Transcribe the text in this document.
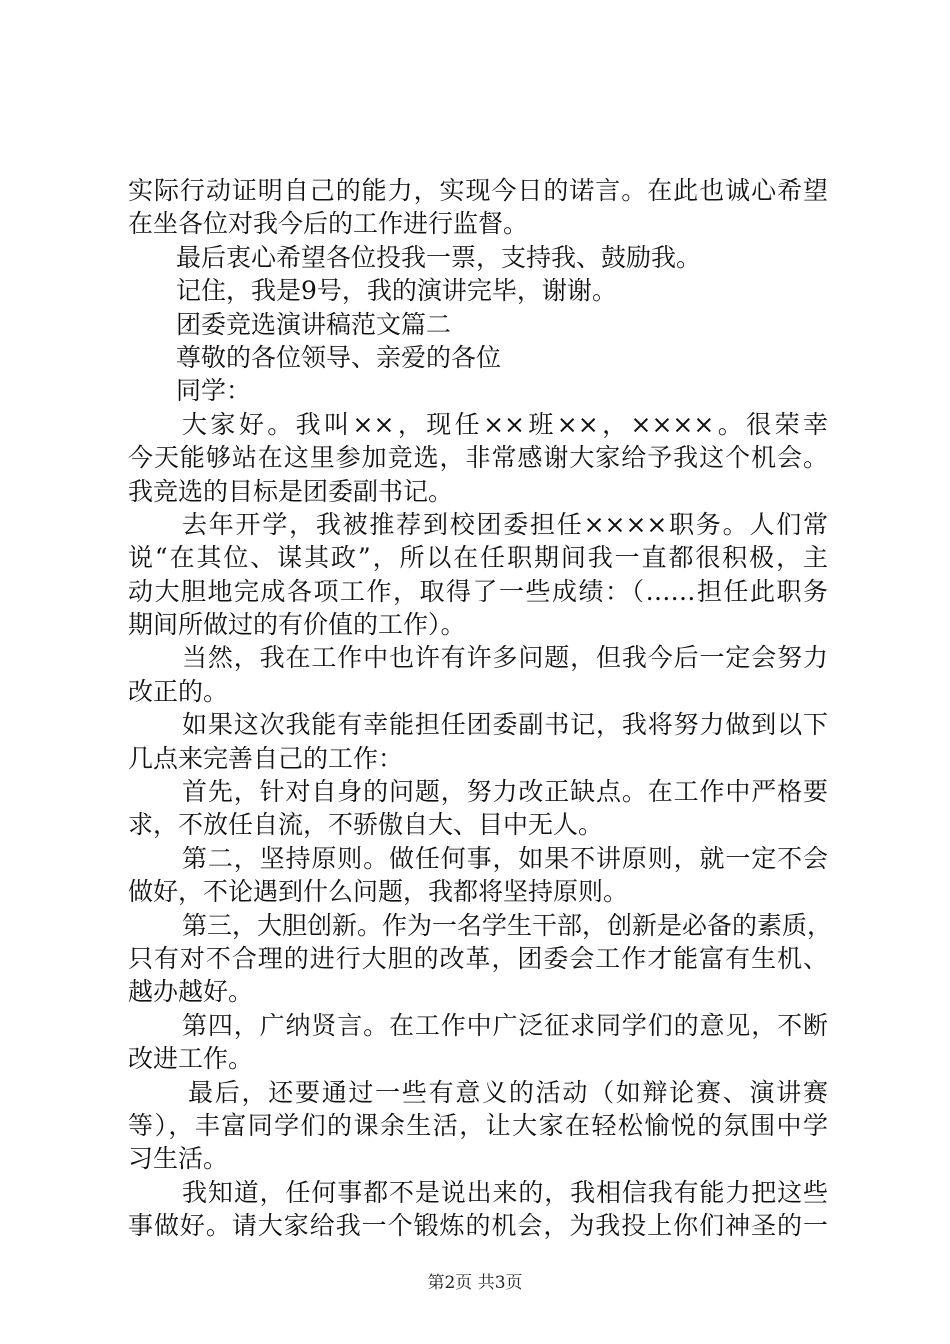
实际行动证明自己的能力，实现今日的诺言。在此也诚心希望
在坐各位对我今后的工作进行监督。
最后衷心希望各位投我一票，支持我、鼓励我。
记住，我是9号，我的演讲完毕，谢谢。
团委竞选演讲稿范文篇二
尊敬的各位领导、亲爱的各位
同学：
大家好。我叫××，现任××班××，××××。很荣幸
今天能够站在这里参加竞选，非常感谢大家给予我这个机会。
我竞选的目标是团委副书记。
去年开学，我被推荐到校团委担任××××职务。人们常
说“在其位、谋其政”，所以在任职期间我一直都很积极，主
动大胆地完成各项工作，取得了一些成绩：（……担任此职务
期间所做过的有价值的工作）。
当然，我在工作中也许有许多问题，但我今后一定会努力
改正的。
如果这次我能有幸能担任团委副书记，我将努力做到以下
几点来完善自己的工作：
首先，针对自身的问题，努力改正缺点。在工作中严格要
求，不放任自流，不骄傲自大、目中无人。
第二，坚持原则。做任何事，如果不讲原则，就一定不会
做好，不论遇到什么问题，我都将坚持原则。
第三，大胆创新。作为一名学生干部，创新是必备的素质，
只有对不合理的进行大胆的改革，团委会工作才能富有生机、
越办越好。
第四，广纳贤言。在工作中广泛征求同学们的意见，不断
改进工作。
最后，还要通过一些有意义的活动（如辩论赛、演讲赛
等），丰富同学们的课余生活，让大家在轻松愉悦的氛围中学
习生活。
我知道，任何事都不是说出来的，我相信我有能力把这些
事做好。请大家给我一个锻炼的机会，为我投上你们神圣的一
第2页 共3页
